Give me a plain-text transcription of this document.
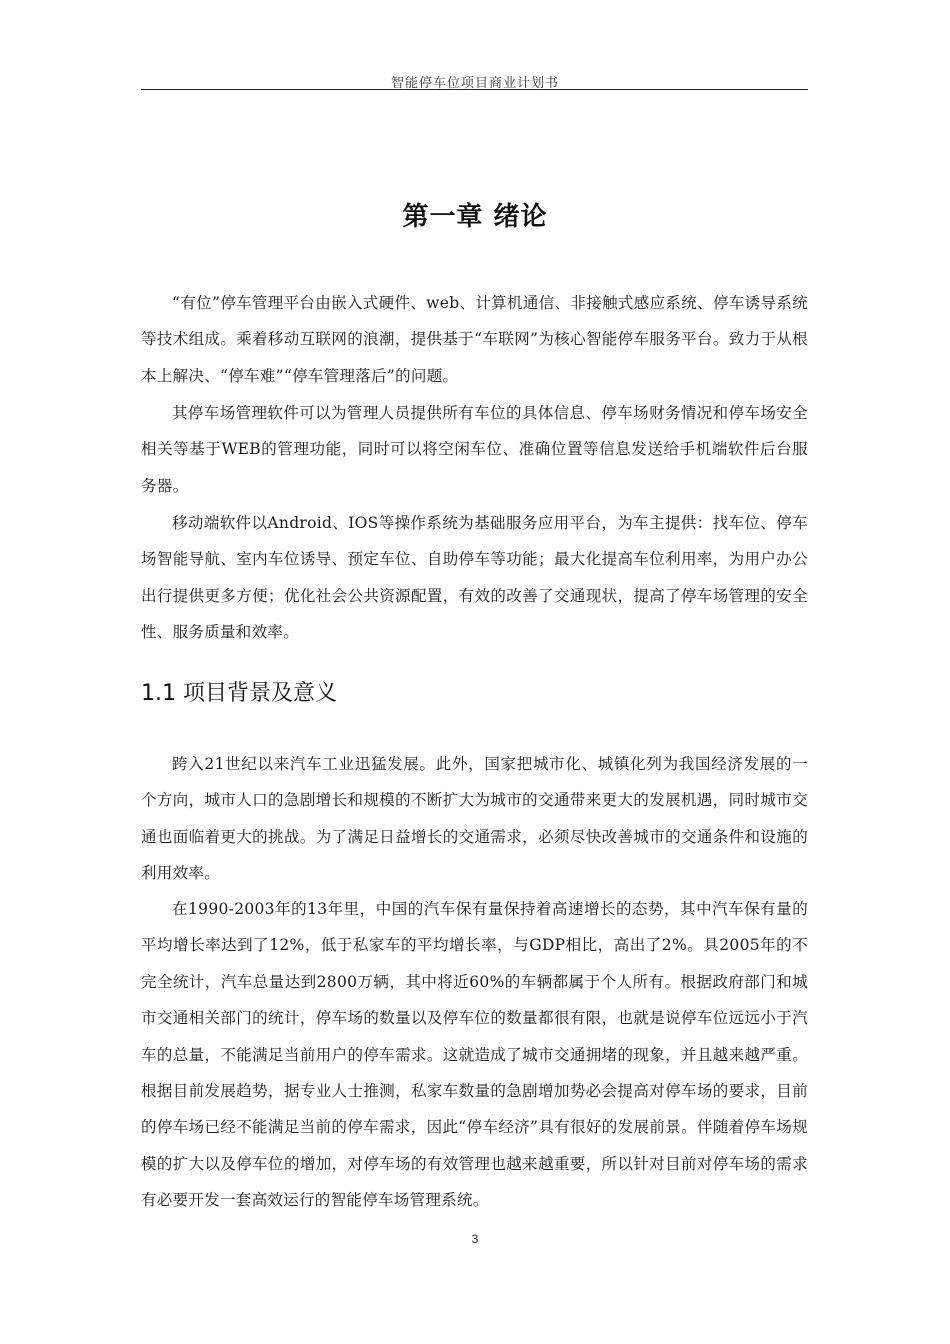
智能停车位项目商业计划书
第一章 绪论

“有位”停车管理平台由嵌入式硬件、web、计算机通信、非接触式感应系统、停车诱导系统等技术组成。乘着移动互联网的浪潮，提供基于“车联网”为核心智能停车服务平台。致力于从根本上解决、“停车难”“停车管理落后”的问题。

其停车场管理软件可以为管理人员提供所有车位的具体信息、停车场财务情况和停车场安全相关等基于WEB的管理功能，同时可以将空闲车位、准确位置等信息发送给手机端软件后台服务器。

移动端软件以Android、IOS等操作系统为基础服务应用平台，为车主提供：找车位、停车场智能导航、室内车位诱导、预定车位、自助停车等功能；最大化提高车位利用率，为用户办公出行提供更多方便；优化社会公共资源配置，有效的改善了交通现状，提高了停车场管理的安全性、服务质量和效率。

1.1 项目背景及意义

跨入21世纪以来汽车工业迅猛发展。此外，国家把城市化、城镇化列为我国经济发展的一个方向，城市人口的急剧增长和规模的不断扩大为城市的交通带来更大的发展机遇，同时城市交通也面临着更大的挑战。为了满足日益增长的交通需求，必须尽快改善城市的交通条件和设施的利用效率。

在1990-2003年的13年里，中国的汽车保有量保持着高速增长的态势，其中汽车保有量的平均增长率达到了12%，低于私家车的平均增长率，与GDP相比，高出了2%。具2005年的不完全统计，汽车总量达到2800万辆，其中将近60%的车辆都属于个人所有。根据政府部门和城市交通相关部门的统计，停车场的数量以及停车位的数量都很有限，也就是说停车位远远小于汽车的总量，不能满足当前用户的停车需求。这就造成了城市交通拥堵的现象，并且越来越严重。根据目前发展趋势，据专业人士推测，私家车数量的急剧增加势必会提高对停车场的要求，目前的停车场已经不能满足当前的停车需求，因此“停车经济”具有很好的发展前景。伴随着停车场规模的扩大以及停车位的增加，对停车场的有效管理也越来越重要，所以针对目前对停车场的需求有必要开发一套高效运行的智能停车场管理系统。

3
